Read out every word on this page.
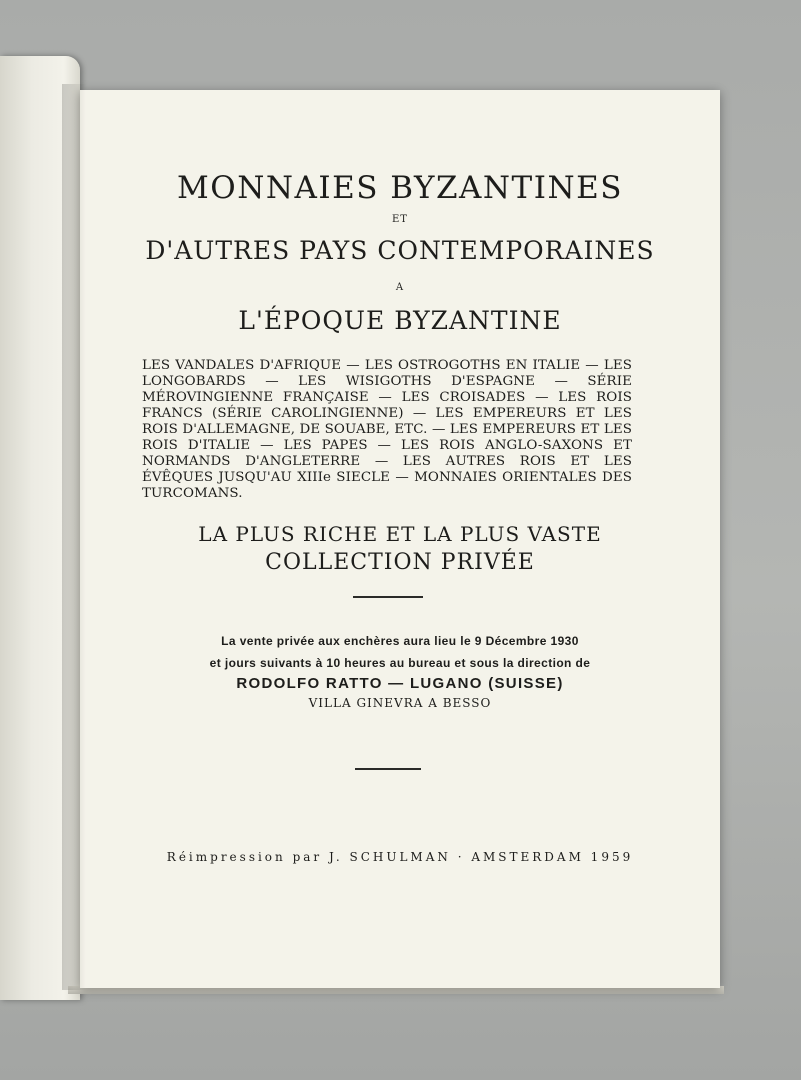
MONNAIES BYZANTINES

ET

D'AUTRES PAYS CONTEMPORAINES

A

L'ÉPOQUE BYZANTINE

LES VANDALES D'AFRIQUE — LES OSTROGOTHS EN ITALIE — LES LONGOBARDS — LES WISIGOTHS D'ESPAGNE — SÉRIE MÉROVINGIENNE FRANÇAISE — LES CROISADES — LES ROIS FRANCS (SÉRIE CAROLINGIENNE) — LES EMPEREURS ET LES ROIS D'ALLEMAGNE, DE SOUABE, ETC. — LES EMPEREURS ET LES ROIS D'ITALIE — LES PAPES — LES ROIS ANGLO-SAXONS ET NORMANDS D'ANGLETERRE — LES AUTRES ROIS ET LES ÉVÊQUES JUSQU'AU XIIIe SIECLE — MONNAIES ORIENTALES DES TURCOMANS.

LA PLUS RICHE ET LA PLUS VASTE

COLLECTION PRIVÉE

La vente privée aux enchères aura lieu le 9 Décembre 1930
et jours suivants à 10 heures au bureau et sous la direction de

RODOLFO RATTO — LUGANO (SUISSE)

VILLA GINEVRA A BESSO

Réimpression par J. SCHULMAN · AMSTERDAM 1959
